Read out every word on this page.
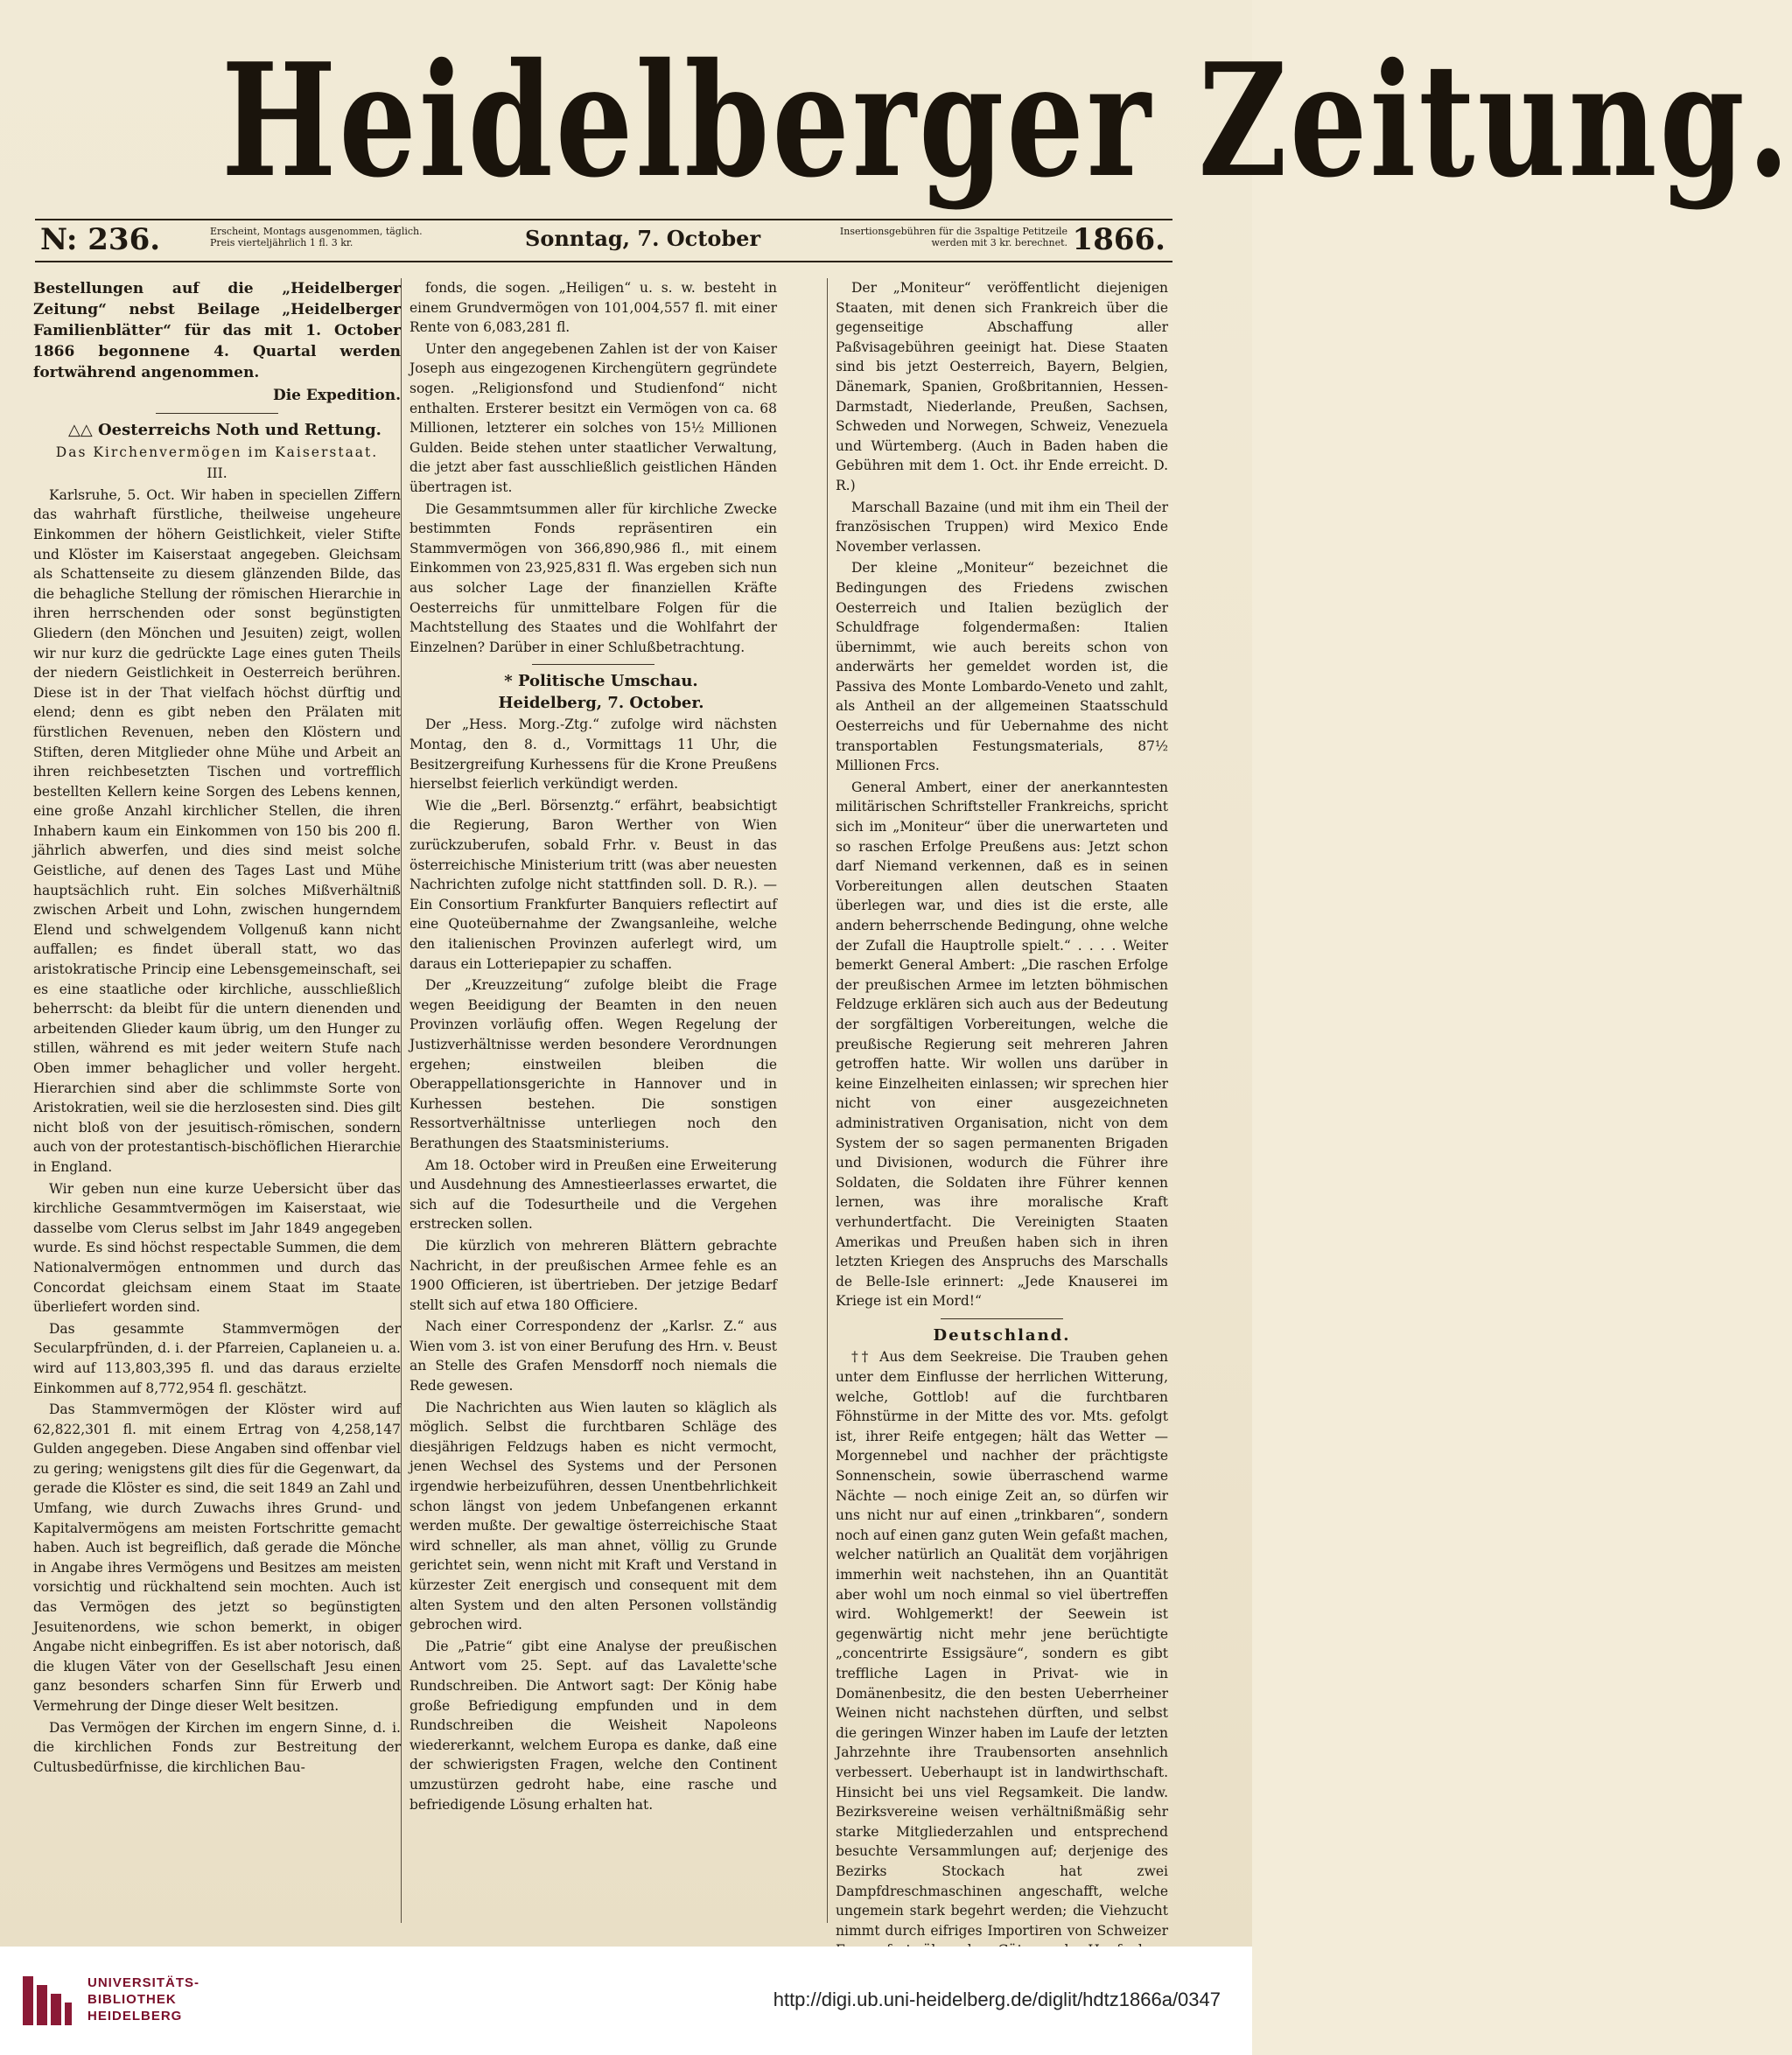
Heidelberger Zeitung.
N: 236.	Erscheint, Montags ausgenommen, täglich. Preis vierteljährlich 1 fl. 3 kr.	Sonntag, 7. October	Insertionsgebühren für die 3spaltige Petitzeile werden mit 3 kr. berechnet. 1866.

Bestellungen auf die „Heidelberger Zeitung“ nebst Beilage „Heidelberger Familienblätter“ für das mit 1. October 1866 begonnene 4. Quartal werden fortwährend angenommen.

Die Expedition.

△△ Oesterreichs Noth und Rettung.

Das Kirchenvermögen im Kaiserstaat.

III.

Karlsruhe, 5. Oct. Wir haben in speciellen Ziffern das wahrhaft fürstliche, theilweise ungeheure Einkommen der höhern Geistlichkeit, vieler Stifte und Klöster im Kaiserstaat angegeben. Gleichsam als Schattenseite zu diesem glänzenden Bilde, das die behagliche Stellung der römischen Hierarchie in ihren herrschenden oder sonst begünstigten Gliedern (den Mönchen und Jesuiten) zeigt, wollen wir nur kurz die gedrückte Lage eines guten Theils der niedern Geistlichkeit in Oesterreich berühren. Diese ist in der That vielfach höchst dürftig und elend; denn es gibt neben den Prälaten mit fürstlichen Revenuen, neben den Klöstern und Stiften, deren Mitglieder ohne Mühe und Arbeit an ihren reichbesetzten Tischen und vortrefflich bestellten Kellern keine Sorgen des Lebens kennen, eine große Anzahl kirchlicher Stellen, die ihren Inhabern kaum ein Einkommen von 150 bis 200 fl. jährlich abwerfen, und dies sind meist solche Geistliche, auf denen des Tages Last und Mühe hauptsächlich ruht. Ein solches Mißverhältniß zwischen Arbeit und Lohn, zwischen hungerndem Elend und schwelgendem Vollgenuß kann nicht auffallen; es findet überall statt, wo das aristokratische Princip eine Lebensgemeinschaft, sei es eine staatliche oder kirchliche, ausschließlich beherrscht: da bleibt für die untern dienenden und arbeitenden Glieder kaum übrig, um den Hunger zu stillen, während es mit jeder weitern Stufe nach Oben immer behaglicher und voller hergeht. Hierarchien sind aber die schlimmste Sorte von Aristokratien, weil sie die herzlosesten sind. Dies gilt nicht bloß von der jesuitisch-römischen, sondern auch von der protestantisch-bischöflichen Hierarchie in England.

Wir geben nun eine kurze Uebersicht über das kirchliche Gesammtvermögen im Kaiserstaat, wie dasselbe vom Clerus selbst im Jahr 1849 angegeben wurde. Es sind höchst respectable Summen, die dem Nationalvermögen entnommen und durch das Concordat gleichsam einem Staat im Staate überliefert worden sind.

Das gesammte Stammvermögen der Secularpfründen, d. i. der Pfarreien, Caplaneien u. a. wird auf 113,803,395 fl. und das daraus erzielte Einkommen auf 8,772,954 fl. geschätzt.

Das Stammvermögen der Klöster wird auf 62,822,301 fl. mit einem Ertrag von 4,258,147 Gulden angegeben. Diese Angaben sind offenbar viel zu gering; wenigstens gilt dies für die Gegenwart, da gerade die Klöster es sind, die seit 1849 an Zahl und Umfang, wie durch Zuwachs ihres Grund- und Kapitalvermögens am meisten Fortschritte gemacht haben. Auch ist begreiflich, daß gerade die Mönche in Angabe ihres Vermögens und Besitzes am meisten vorsichtig und rückhaltend sein mochten. Auch ist das Vermögen des jetzt so begünstigten Jesuitenordens, wie schon bemerkt, in obiger Angabe nicht einbegriffen. Es ist aber notorisch, daß die klugen Väter von der Gesellschaft Jesu einen ganz besonders scharfen Sinn für Erwerb und Vermehrung der Dinge dieser Welt besitzen.

Das Vermögen der Kirchen im engern Sinne, d. i. die kirchlichen Fonds zur Bestreitung der Cultusbedürfnisse, die kirchlichen Bau-

fonds, die sogen. „Heiligen“ u. s. w. besteht in einem Grundvermögen von 101,004,557 fl. mit einer Rente von 6,083,281 fl.

Unter den angegebenen Zahlen ist der von Kaiser Joseph aus eingezogenen Kirchengütern gegründete sogen. „Religionsfond und Studienfond“ nicht enthalten. Ersterer besitzt ein Vermögen von ca. 68 Millionen, letzterer ein solches von 15½ Millionen Gulden. Beide stehen unter staatlicher Verwaltung, die jetzt aber fast ausschließlich geistlichen Händen übertragen ist.

Die Gesammtsummen aller für kirchliche Zwecke bestimmten Fonds repräsentiren ein Stammvermögen von 366,890,986 fl., mit einem Einkommen von 23,925,831 fl. Was ergeben sich nun aus solcher Lage der finanziellen Kräfte Oesterreichs für unmittelbare Folgen für die Machtstellung des Staates und die Wohlfahrt der Einzelnen? Darüber in einer Schlußbetrachtung.

* Politische Umschau.

Heidelberg, 7. October.

Der „Hess. Morg.-Ztg.“ zufolge wird nächsten Montag, den 8. d., Vormittags 11 Uhr, die Besitzergreifung Kurhessens für die Krone Preußens hierselbst feierlich verkündigt werden.

Wie die „Berl. Börsenztg.“ erfährt, beabsichtigt die Regierung, Baron Werther von Wien zurückzuberufen, sobald Frhr. v. Beust in das österreichische Ministerium tritt (was aber neuesten Nachrichten zufolge nicht stattfinden soll. D. R.). — Ein Consortium Frankfurter Banquiers reflectirt auf eine Quoteübernahme der Zwangsanleihe, welche den italienischen Provinzen auferlegt wird, um daraus ein Lotteriepapier zu schaffen.

Der „Kreuzzeitung“ zufolge bleibt die Frage wegen Beeidigung der Beamten in den neuen Provinzen vorläufig offen. Wegen Regelung der Justizverhältnisse werden besondere Verordnungen ergehen; einstweilen bleiben die Oberappellationsgerichte in Hannover und in Kurhessen bestehen. Die sonstigen Ressortverhältnisse unterliegen noch den Berathungen des Staatsministeriums.

Am 18. October wird in Preußen eine Erweiterung und Ausdehnung des Amnestieerlasses erwartet, die sich auf die Todesurtheile und die Vergehen erstrecken sollen.

Die kürzlich von mehreren Blättern gebrachte Nachricht, in der preußischen Armee fehle es an 1900 Officieren, ist übertrieben. Der jetzige Bedarf stellt sich auf etwa 180 Officiere.

Nach einer Correspondenz der „Karlsr. Z.“ aus Wien vom 3. ist von einer Berufung des Hrn. v. Beust an Stelle des Grafen Mensdorff noch niemals die Rede gewesen.

Die Nachrichten aus Wien lauten so kläglich als möglich. Selbst die furchtbaren Schläge des diesjährigen Feldzugs haben es nicht vermocht, jenen Wechsel des Systems und der Personen irgendwie herbeizuführen, dessen Unentbehrlichkeit schon längst von jedem Unbefangenen erkannt werden mußte. Der gewaltige österreichische Staat wird schneller, als man ahnet, völlig zu Grunde gerichtet sein, wenn nicht mit Kraft und Verstand in kürzester Zeit energisch und consequent mit dem alten System und den alten Personen vollständig gebrochen wird.

Die „Patrie“ gibt eine Analyse der preußischen Antwort vom 25. Sept. auf das Lavalette'sche Rundschreiben. Die Antwort sagt: Der König habe große Befriedigung empfunden und in dem Rundschreiben die Weisheit Napoleons wiedererkannt, welchem Europa es danke, daß eine der schwierigsten Fragen, welche den Continent umzustürzen gedroht habe, eine rasche und befriedigende Lösung erhalten hat.

Der „Moniteur“ veröffentlicht diejenigen Staaten, mit denen sich Frankreich über die gegenseitige Abschaffung aller Paßvisagebühren geeinigt hat. Diese Staaten sind bis jetzt Oesterreich, Bayern, Belgien, Dänemark, Spanien, Großbritannien, Hessen-Darmstadt, Niederlande, Preußen, Sachsen, Schweden und Norwegen, Schweiz, Venezuela und Würtemberg. (Auch in Baden haben die Gebühren mit dem 1. Oct. ihr Ende erreicht. D. R.)

Marschall Bazaine (und mit ihm ein Theil der französischen Truppen) wird Mexico Ende November verlassen.

Der kleine „Moniteur“ bezeichnet die Bedingungen des Friedens zwischen Oesterreich und Italien bezüglich der Schuldfrage folgendermaßen: Italien übernimmt, wie auch bereits schon von anderwärts her gemeldet worden ist, die Passiva des Monte Lombardo-Veneto und zahlt, als Antheil an der allgemeinen Staatsschuld Oesterreichs und für Uebernahme des nicht transportablen Festungsmaterials, 87½ Millionen Frcs.

General Ambert, einer der anerkanntesten militärischen Schriftsteller Frankreichs, spricht sich im „Moniteur“ über die unerwarteten und so raschen Erfolge Preußens aus: Jetzt schon darf Niemand verkennen, daß es in seinen Vorbereitungen allen deutschen Staaten überlegen war, und dies ist die erste, alle andern beherrschende Bedingung, ohne welche der Zufall die Hauptrolle spielt.“ . . . . Weiter bemerkt General Ambert: „Die raschen Erfolge der preußischen Armee im letzten böhmischen Feldzuge erklären sich auch aus der Bedeutung der sorgfältigen Vorbereitungen, welche die preußische Regierung seit mehreren Jahren getroffen hatte. Wir wollen uns darüber in keine Einzelheiten einlassen; wir sprechen hier nicht von einer ausgezeichneten administrativen Organisation, nicht von dem System der so sagen permanenten Brigaden und Divisionen, wodurch die Führer ihre Soldaten, die Soldaten ihre Führer kennen lernen, was ihre moralische Kraft verhundertfacht. Die Vereinigten Staaten Amerikas und Preußen haben sich in ihren letzten Kriegen des Anspruchs des Marschalls de Belle-Isle erinnert: „Jede Knauserei im Kriege ist ein Mord!“

Deutschland.

†† Aus dem Seekreise. Die Trauben gehen unter dem Einflusse der herrlichen Witterung, welche, Gottlob! auf die furchtbaren Föhnstürme in der Mitte des vor. Mts. gefolgt ist, ihrer Reife entgegen; hält das Wetter — Morgennebel und nachher der prächtigste Sonnenschein, sowie überraschend warme Nächte — noch einige Zeit an, so dürfen wir uns nicht nur auf einen „trinkbaren“, sondern noch auf einen ganz guten Wein gefaßt machen, welcher natürlich an Qualität dem vorjährigen immerhin weit nachstehen, ihn an Quantität aber wohl um noch einmal so viel übertreffen wird. Wohlgemerkt! der Seewein ist gegenwärtig nicht mehr jene berüchtigte „concentrirte Essigsäure“, sondern es gibt treffliche Lagen in Privat- wie in Domänenbesitz, die den besten Ueberrheiner Weinen nicht nachstehen dürften, und selbst die geringen Winzer haben im Laufe der letzten Jahrzehnte ihre Traubensorten ansehnlich verbessert. Ueberhaupt ist in landwirthschaft. Hinsicht bei uns viel Regsamkeit. Die landw. Bezirksvereine weisen verhältnißmäßig sehr starke Mitgliederzahlen und entsprechend besuchte Versammlungen auf; derjenige des Bezirks Stockach hat zwei Dampfdreschmaschinen angeschafft, welche ungemein stark begehrt werden; die Viehzucht nimmt durch eifriges Importiren von Schweizer

UNIVERSITÄTS-
BIBLIOTHEK
HEIDELBERG
http://digi.ub.uni-heidelberg.de/diglit/hdtz1866a/0347
